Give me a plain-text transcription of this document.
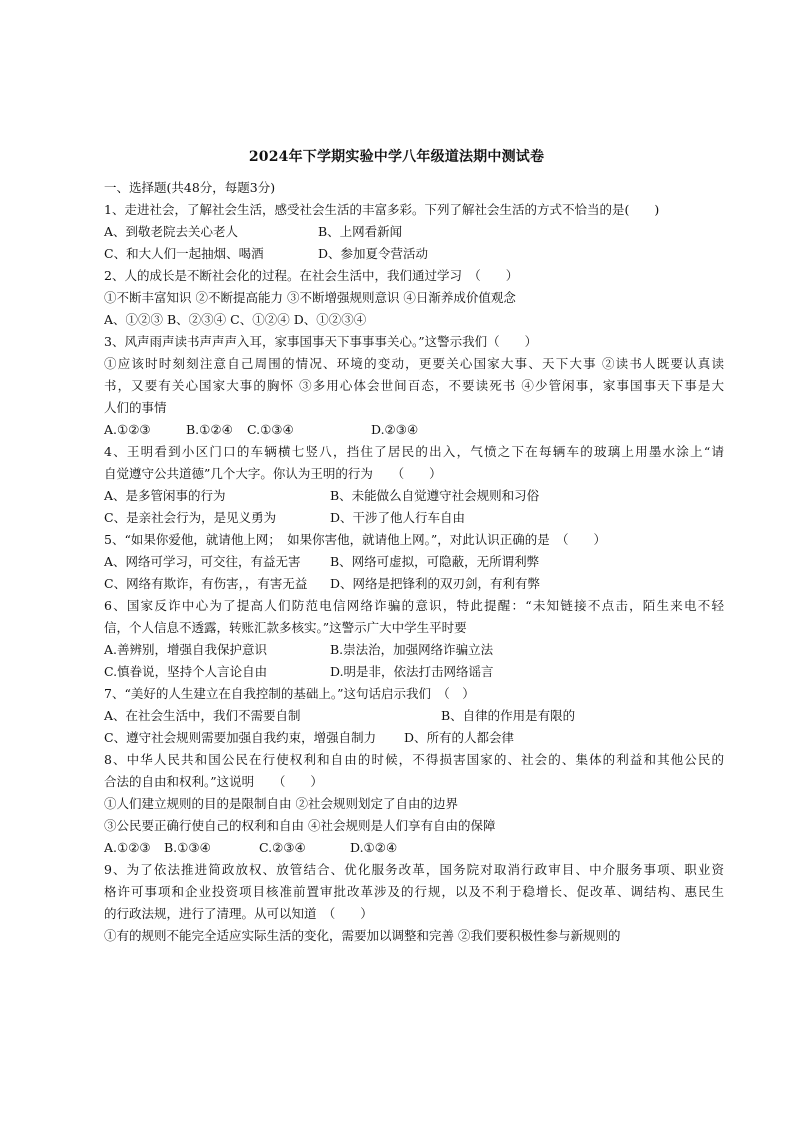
2024年下学期实验中学八年级道法期中测试卷
一、选择题(共48分，每题3分)
1、走进社会，了解社会生活，感受社会生活的丰富多彩。下列了解社会生活的方式不恰当的是(　　)
A、到敬老院去关心老人	B、上网看新闻
C、和大人们一起抽烟、喝酒	D、参加夏令营活动
2、人的成长是不断社会化的过程。在社会生活中，我们通过学习　（　　）
①不断丰富知识 ②不断提高能力 ③不断增强规则意识 ④日渐养成价值观念
A、①②③ B、②③④ C、①②④ D、①②③④
3、风声雨声读书声声声入耳，家事国事天下事事事关心。”这警示我们（　　）
①应该时时刻刻注意自己周围的情况、环境的变动，更要关心国家大事、天下大事 ②读书人既要认真读
书，又要有关心国家大事的胸怀 ③多用心体会世间百态，不要读死书 ④少管闲事，家事国事天下事是大
人们的事情
A.①②③	B.①②④ C.①③④	D.②③④
4、王明看到小区门口的车辆横七竖八，挡住了居民的出入，气愤之下在每辆车的玻璃上用墨水涂上“请
自觉遵守公共道德”几个大字。你认为王明的行为　　（　　）
A、是多管闲事的行为	B、未能做么自觉遵守社会规则和习俗
C、是亲社会行为，是见义勇为	D、干涉了他人行车自由
5、“如果你爱他，就请他上网；　如果你害他，就请他上网。”，对此认识正确的是　（　　）
A、网络可学习，可交往，有益无害 B、网络可虚拟，可隐蔽，无所谓利弊
C、网络有欺诈，有伤害，，有害无益 D、网络是把锋利的双刃剑，有利有弊
6、国家反诈中心为了提高人们防范电信网络诈骗的意识，特此提醒：“未知链接不点击，陌生来电不轻
信，个人信息不透露，转账汇款多核实。”这警示广大中学生平时要
A.善辨别，增强自我保护意识	B.崇法治，加强网络诈骗立法
C.慎眷说，坚持个人言论自由	D.明是非，依法打击网络谣言
7、“美好的人生建立在自我控制的基础上。”这句话启示我们　（　）
A、在社会生活中，我们不需要自制	B、自律的作用是有限的
C、遵守社会规则需要加强自我约束，增强自制力 D、所有的人都会律
8、中华人民共和国公民在行使权利和自由的时候，不得损害国家的、社会的、集体的利益和其他公民的
合法的自由和权利。”这说明　　（　　）
①人们建立规则的目的是限制自由 ②社会规则划定了自由的边界
③公民要正确行使自己的权利和自由 ④社会规则是人们享有自由的保障
A.①②③ B.①③④	C.②③④	D.①②④
9、为了依法推进简政放权、放管结合、优化服务改革，国务院对取消行政审目、中介服务事项、职业资
格许可事项和企业投资项目核准前置审批改革涉及的行规，以及不利于稳增长、促改革、调结构、惠民生
的行政法规，进行了清理。从可以知道　（　　）
①有的规则不能完全适应实际生活的变化，需要加以调整和完善 ②我们要积极性参与新规则的
